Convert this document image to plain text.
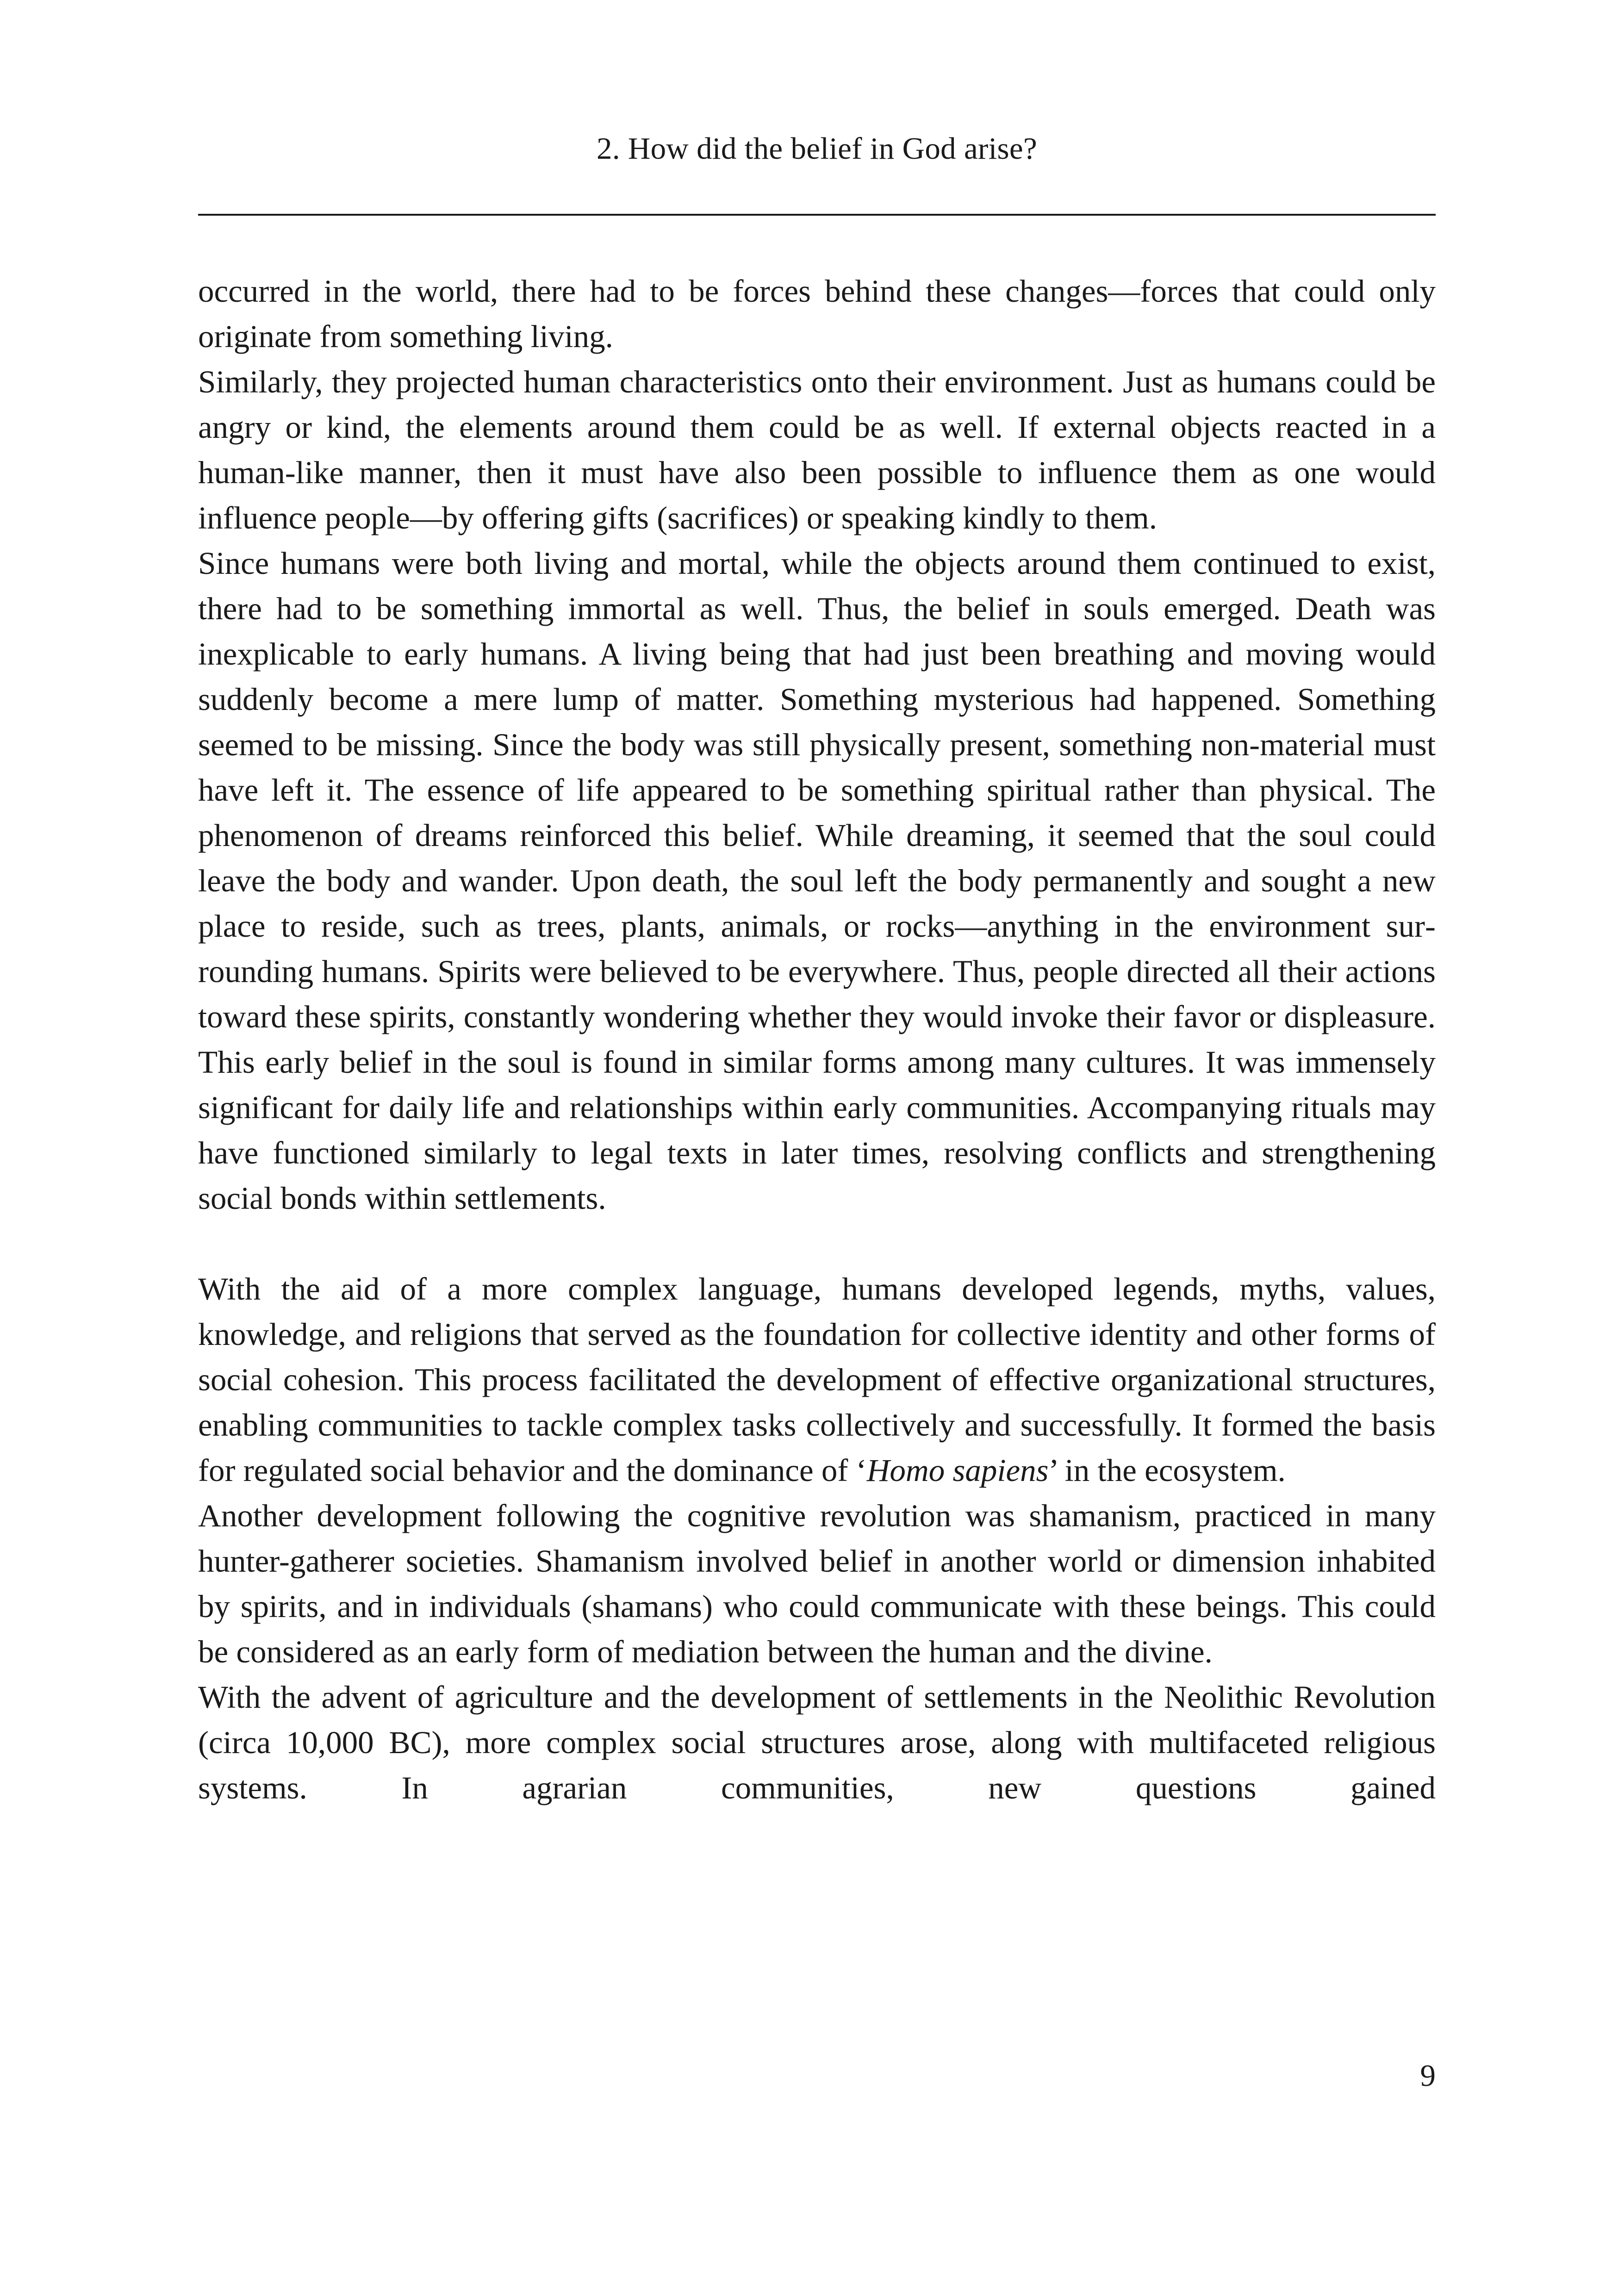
2. How did the belief in God arise?

occurred in the world, there had to be forces behind these changes—forces that could only originate from something living.

Similarly, they projected human characteristics onto their environment. Just as humans could be angry or kind, the elements around them could be as well. If external objects reacted in a human-like manner, then it must have also been possible to influence them as one would influence people—by offering gifts (sacrifices) or speaking kindly to them.

Since humans were both living and mortal, while the objects around them continued to exist, there had to be something immortal as well. Thus, the belief in souls emerged. Death was inexplicable to early humans. A living being that had just been breathing and moving would suddenly become a mere lump of matter. Something mysterious had happened. Something seemed to be missing. Since the body was still physically present, something non-material must have left it. The essence of life appeared to be something spiritual rather than physical. The phenomenon of dreams reinforced this belief. While dreaming, it seemed that the soul could leave the body and wander. Upon death, the soul left the body permanently and sought a new place to reside, such as trees, plants, animals, or rocks—anything in the environment surrounding humans. Spirits were believed to be everywhere. Thus, people directed all their actions toward these spirits, constantly wondering whether they would invoke their favor or displeasure. This early belief in the soul is found in similar forms among many cultures. It was immensely significant for daily life and relationships within early communities. Accompanying rituals may have functioned similarly to legal texts in later times, resolving conflicts and strengthening social bonds within settlements.

With the aid of a more complex language, humans developed legends, myths, values, knowledge, and religions that served as the foundation for collective identity and other forms of social cohesion. This process facilitated the development of effective organizational structures, enabling communities to tackle complex tasks collectively and successfully. It formed the basis for regulated social behavior and the dominance of ‘Homo sapiens’ in the ecosystem.

Another development following the cognitive revolution was shamanism, practiced in many hunter-gatherer societies. Shamanism involved belief in another world or dimension inhabited by spirits, and in individuals (shamans) who could communicate with these beings. This could be considered as an early form of mediation between the human and the divine.

With the advent of agriculture and the development of settlements in the Neolithic Revolution (circa 10,000 BC), more complex social structures arose, along with multifaceted religious systems. In agrarian communities, new questions gained

9
